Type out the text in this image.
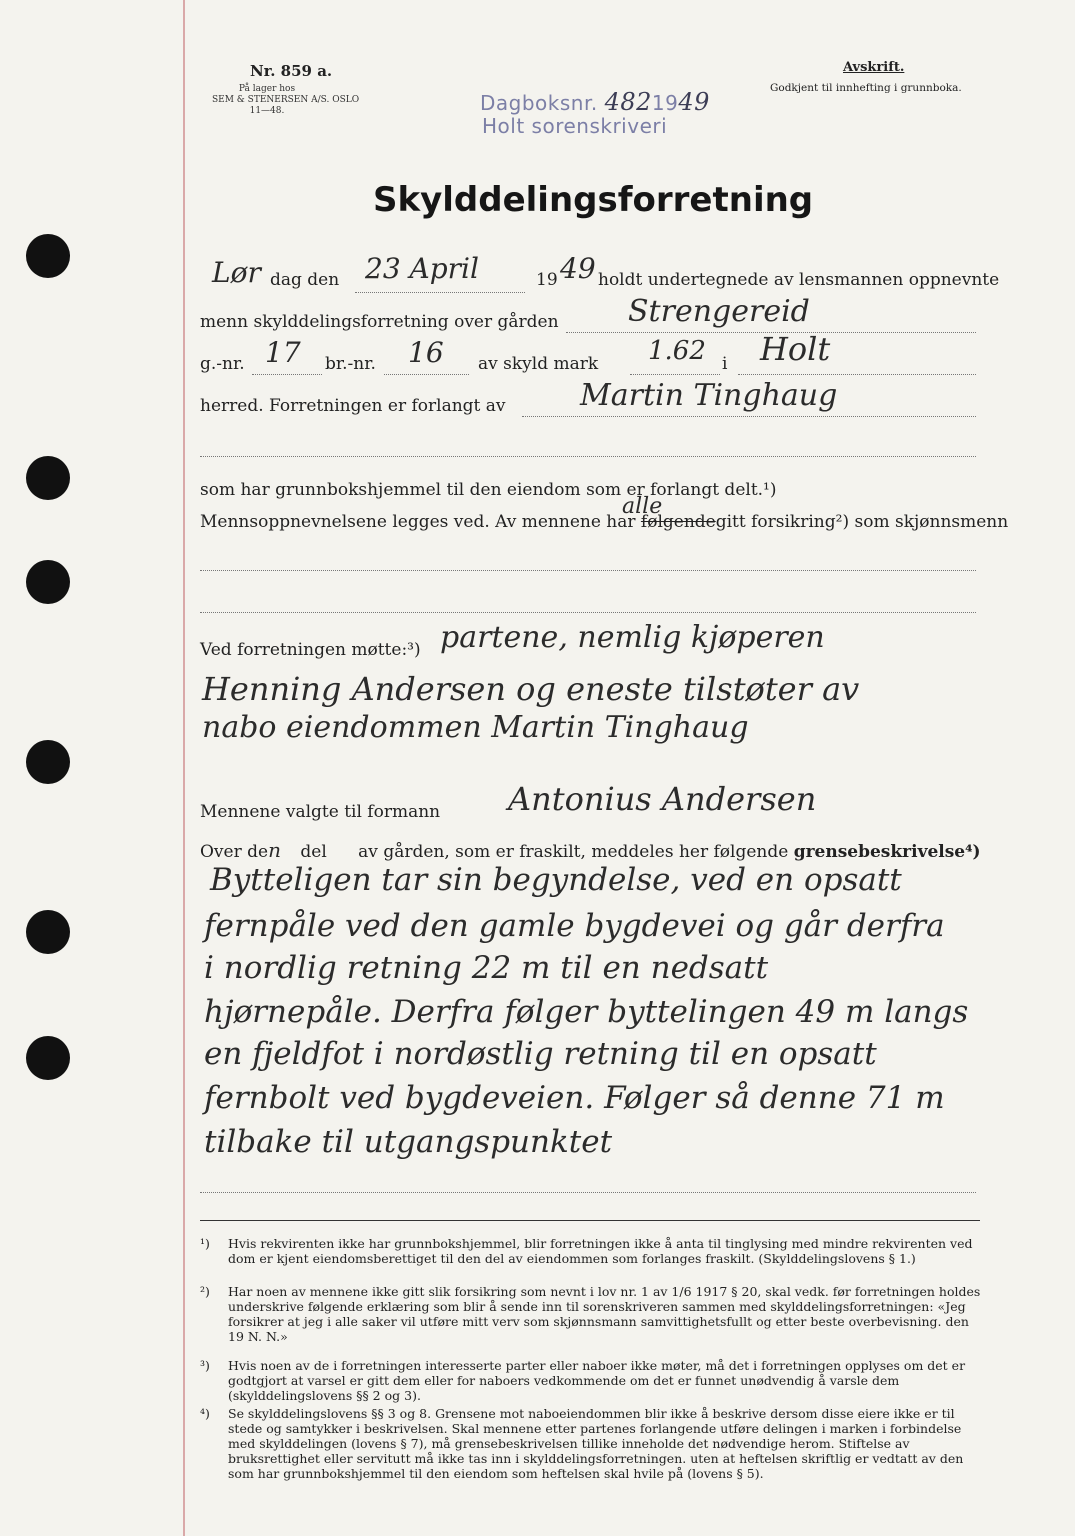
Nr. 859 a.
På lager hos
SEM & STENERSEN A/S. OSLO
11—48.	Dagboksnr. 4821949
Holt sorenskriveri
Avskrift.
Godkjent til innhefting i grunnboka.
Skylddelingsforretning
Lør dag den 23 April	19 49 holdt undertegnede av lensmannen oppnevnte
menn skylddelingsforretning over gården Strengereid
g.-nr. 17 br.-nr. 16 av skyld mark 1.62 i Holt
herred. Forretningen er forlangt av Martin Tinghaug
som har grunnbokshjemmel til den eiendom som er forlangt delt.¹)
alle
Mennsoppnevnelsene legges ved. Av mennene har følgendegitt forsikring²) som skjønnsmenn
Ved forretningen møtte:³) partene, nemlig kjøperen
Henning Andersen og eneste tilstøter av
nabo eiendommen Martin Tinghaug
Mennene valgte til formann Antonius Andersen
Over den del av gården, som er fraskilt, meddeles her følgende grensebeskrivelse⁴)
Bytteligen tar sin begyndelse, ved en opsatt
fernpåle ved den gamle bygdevei og går derfra
i nordlig retning 22 m til en nedsatt
hjørnepåle. Derfra følger byttelingen 49 m langs
en fjeldfot i nordøstlig retning til en opsatt
fernbolt ved bygdeveien. Følger så denne 71 m
tilbake til utgangspunktet
¹) Hvis rekvirenten ikke har grunnbokshjemmel, blir forretningen ikke å anta til tinglysing med mindre rekvirenten ved dom er kjent eiendomsberettiget til den del av eiendommen som forlanges fraskilt. (Skylddelingslovens § 1.)
²) Har noen av mennene ikke gitt slik forsikring som nevnt i lov nr. 1 av 1/6 1917 § 20, skal vedk. før forretningen holdes underskrive følgende erklæring som blir å sende inn til sorenskriveren sammen med skylddelingsforretningen: «Jeg forsikrer at jeg i alle saker vil utføre mitt verv som skjønnsmann samvittighetsfullt og etter beste overbevisning. den 19 N. N.»
³) Hvis noen av de i forretningen interesserte parter eller naboer ikke møter, må det i forretningen opplyses om det er godtgjort at varsel er gitt dem eller for naboers vedkommende om det er funnet unødvendig å varsle dem (skylddelingslovens §§ 2 og 3).
⁴) Se skylddelingslovens §§ 3 og 8. Grensene mot naboeiendommen blir ikke å beskrive dersom disse eiere ikke er til stede og samtykker i beskrivelsen. Skal mennene etter partenes forlangende utføre delingen i marken i forbindelse med skylddelingen (lovens § 7), må grensebeskrivelsen tillike inneholde det nødvendige herom. Stiftelse av bruksrettighet eller servitutt må ikke tas inn i skylddelingsforretningen. uten at heftelsen skriftlig er vedtatt av den som har grunnbokshjemmel til den eiendom som heftelsen skal hvile på (lovens § 5).
